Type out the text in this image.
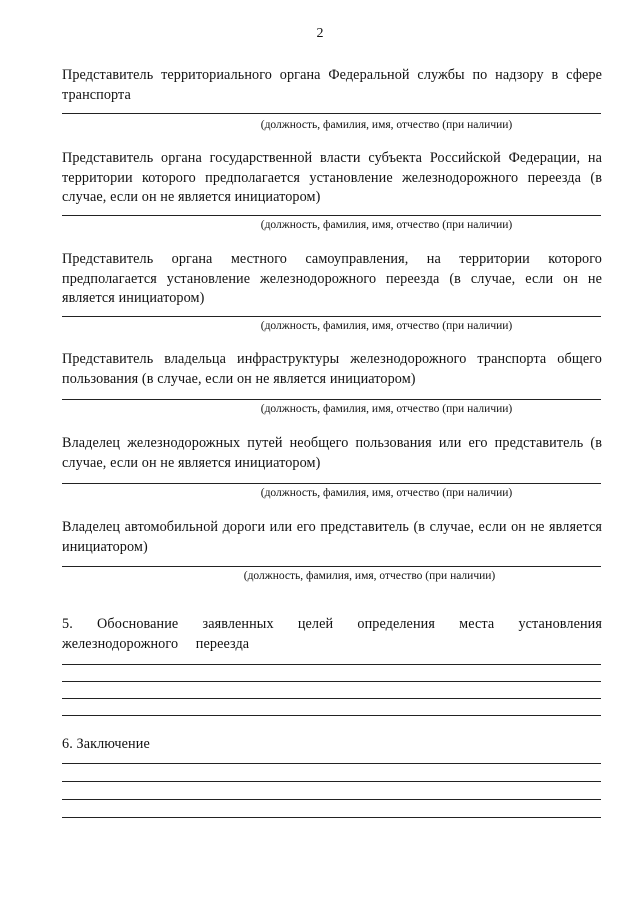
2
Представитель территориального органа Федеральной службы по надзору в сфере транспорта
(должность, фамилия, имя, отчество (при наличии)
Представитель органа государственной власти субъекта Российской Федерации, на территории которого предполагается установление железнодорожного переезда (в случае, если он не является инициатором)
(должность, фамилия, имя, отчество (при наличии)
Представитель органа местного самоуправления, на территории которого предполагается установление железнодорожного переезда (в случае, если он не является инициатором)
(должность, фамилия, имя, отчество (при наличии)
Представитель владельца инфраструктуры железнодорожного транспорта общего пользования (в случае, если он не является инициатором)
(должность, фамилия, имя, отчество (при наличии)
Владелец железнодорожных путей необщего пользования или его представитель (в случае, если он не является инициатором)
(должность, фамилия, имя, отчество (при наличии)
Владелец автомобильной дороги или его представитель (в случае, если он не является инициатором)
(должность, фамилия, имя, отчество (при наличии)
5. Обоснование заявленных целей определения места установления железнодорожного переезда
6. Заключение
